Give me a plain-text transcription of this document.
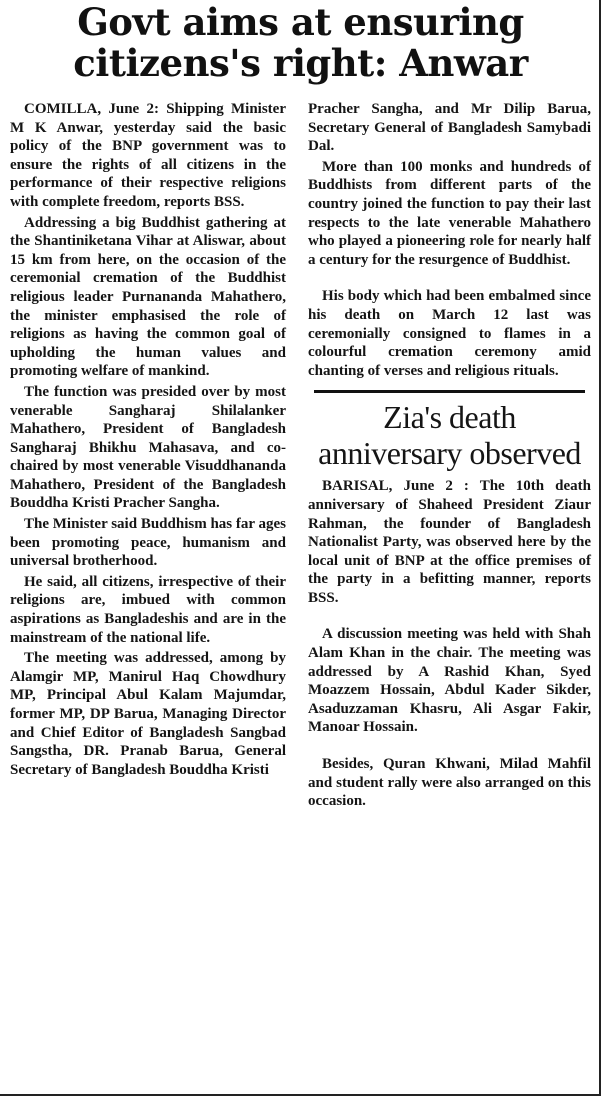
Govt aims at ensuring citizens's right: Anwar

COMILLA, June 2: Shipping Minister M K Anwar, yesterday said the basic policy of the BNP government was to ensure the rights of all citizens in the performance of their respective religions with complete freedom, reports BSS.

Addressing a big Buddhist gathering at the Shantiniketana Vihar at Aliswar, about 15 km from here, on the occasion of the ceremonial cremation of the Buddhist religious leader Purnananda Mahathero, the minister emphasised the role of religions as having the common goal of upholding the human values and promoting welfare of mankind.

The function was presided over by most venerable Sangharaj Shilalanker Mahathero, President of Bangladesh Sangharaj Bhikhu Mahasava, and co-chaired by most venerable Visuddhananda Mahathero, President of the Bangladesh Bouddha Kristi Pracher Sangha.

The Minister said Buddhism has far ages been promoting peace, humanism and universal brotherhood.

He said, all citizens, irrespective of their religions are, imbued with common aspirations as Bangladeshis and are in the mainstream of the national life.

The meeting was addressed, among by Alamgir MP, Manirul Haq Chowdhury MP, Principal Abul Kalam Majumdar, former MP, DP Barua, Managing Director and Chief Editor of Bangladesh Sangbad Sangstha, DR. Pranab Barua, General Secretary of Bangladesh Bouddha Kristi

Pracher Sangha, and Mr Dilip Barua, Secretary General of Bangladesh Samybadi Dal.

More than 100 monks and hundreds of Buddhists from different parts of the country joined the function to pay their last respects to the late venerable Mahathero who played a pioneering role for nearly half a century for the resurgence of Buddhist.

His body which had been embalmed since his death on March 12 last was ceremonially consigned to flames in a colourful cremation ceremony amid chanting of verses and religious rituals.

Zia's death anniversary observed

BARISAL, June 2 : The 10th death anniversary of Shaheed President Ziaur Rahman, the founder of Bangladesh Nationalist Party, was observed here by the local unit of BNP at the office premises of the party in a befitting manner, reports BSS.

A discussion meeting was held with Shah Alam Khan in the chair. The meeting was addressed by A Rashid Khan, Syed Moazzem Hossain, Abdul Kader Sikder, Asaduzzaman Khasru, Ali Asgar Fakir, Manoar Hossain.

Besides, Quran Khwani, Milad Mahfil and student rally were also arranged on this occasion.
